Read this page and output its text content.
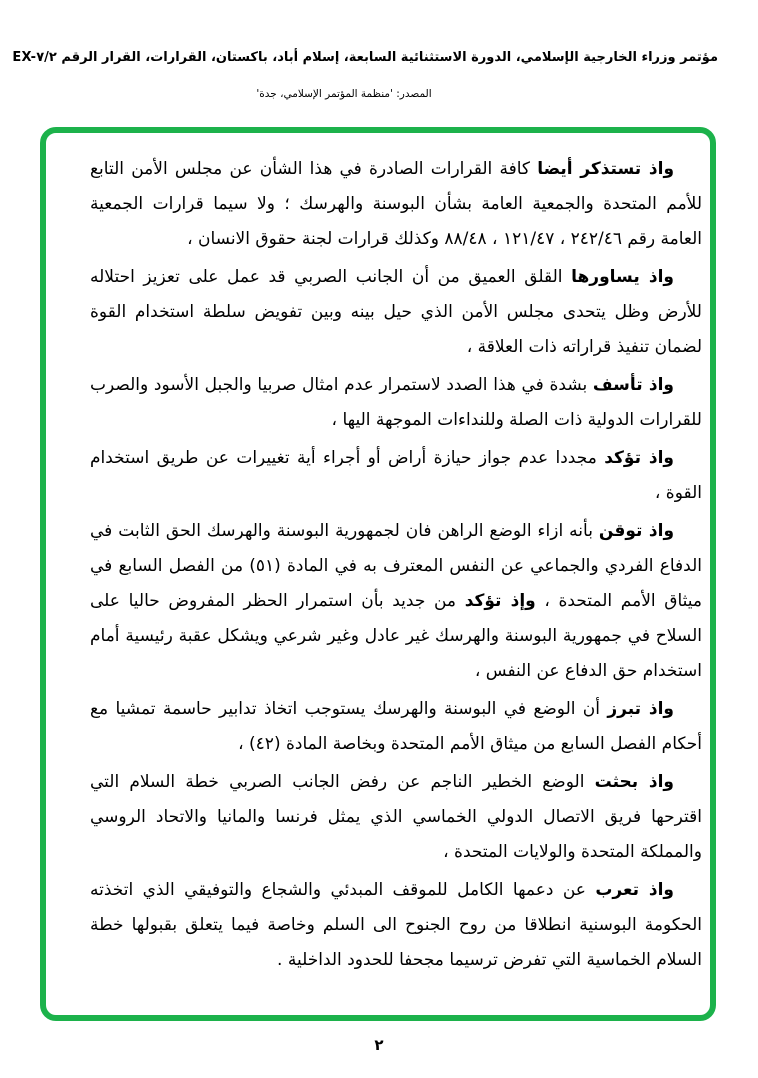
مؤتمر وزراء الخارجية الإسلامي، الدورة الاستثنائية السابعة، إسلام أباد، باكستان، القرارات، القرار الرقم EX-٧/٢
المصدر: 'منظمة المؤتمر الإسلامي، جدة'

واذ تستذكر أيضا كافة القرارات الصادرة في هذا الشأن عن مجلس الأمن التابع للأمم المتحدة والجمعية العامة بشأن البوسنة والهرسك ؛ ولا سيما قرارات الجمعية العامة رقم ٢٤٢/٤٦ ، ١٢١/٤٧ ، ٨٨/٤٨ وكذلك قرارات لجنة حقوق الانسان ،

واذ يساورها القلق العميق من أن الجانب الصربي قد عمل على تعزيز احتلاله للأرض وظل يتحدى مجلس الأمن الذي حيل بينه وبين تفويض سلطة استخدام القوة لضمان تنفيذ قراراته ذات العلاقة ،

واذ تأسف بشدة في هذا الصدد لاستمرار عدم امثال صربيا والجبل الأسود والصرب للقرارات الدولية ذات الصلة وللنداءات الموجهة اليها ،

واذ تؤكد مجددا عدم جواز حيازة أراض أو أجراء أية تغييرات عن طريق استخدام القوة ،

واذ توقن بأنه ازاء الوضع الراهن فان لجمهورية البوسنة والهرسك الحق الثابت في الدفاع الفردي والجماعي عن النفس المعترف به في المادة (٥١) من الفصل السابع في ميثاق الأمم المتحدة ، وإذ تؤكد من جديد بأن استمرار الحظر المفروض حاليا على السلاح في جمهورية البوسنة والهرسك غير عادل وغير شرعي ويشكل عقبة رئيسية أمام استخدام حق الدفاع عن النفس ،

واذ تبرز أن الوضع في البوسنة والهرسك يستوجب اتخاذ تدابير حاسمة تمشيا مع أحكام الفصل السابع من ميثاق الأمم المتحدة وبخاصة المادة (٤٢) ،

واذ بحثت الوضع الخطير الناجم عن رفض الجانب الصربي خطة السلام التي اقترحها فريق الاتصال الدولي الخماسي الذي يمثل فرنسا والمانيا والاتحاد الروسي والمملكة المتحدة والولايات المتحدة ،

واذ تعرب عن دعمها الكامل للموقف المبدئي والشجاع والتوفيقي الذي اتخذته الحكومة البوسنية انطلاقا من روح الجنوح الى السلم وخاصة فيما يتعلق بقبولها خطة السلام الخماسية التي تفرض ترسيما مجحفا للحدود الداخلية .

٢
